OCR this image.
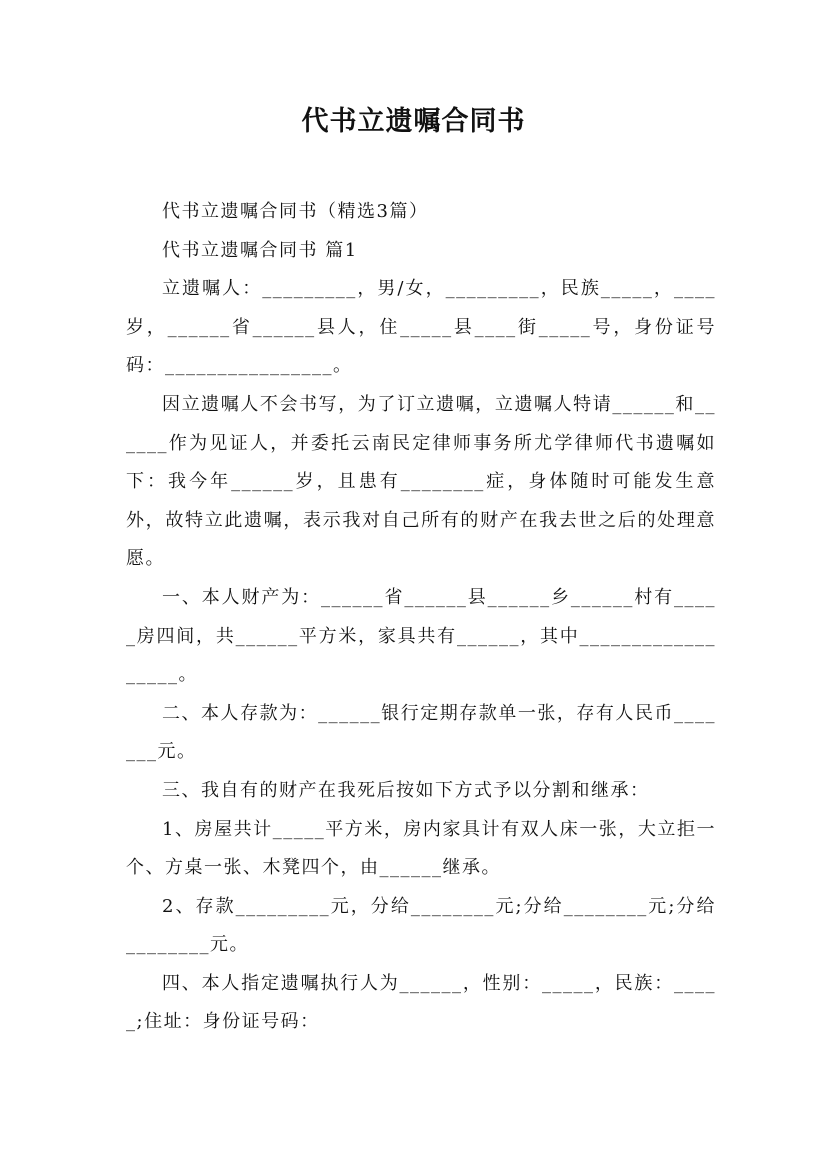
代书立遗嘱合同书

代书立遗嘱合同书（精选3篇）

代书立遗嘱合同书 篇1

立遗嘱人：_________，男/女，_________，民族_____，____岁，______省______县人，住_____县____街_____号，身份证号码：________________。

因立遗嘱人不会书写，为了订立遗嘱，立遗嘱人特请______和______作为见证人，并委托云南民定律师事务所尤学律师代书遗嘱如下：我今年______岁，且患有________症，身体随时可能发生意外，故特立此遗嘱，表示我对自己所有的财产在我去世之后的处理意愿。

一、本人财产为：______省______县______乡______村有_____房四间，共______平方米，家具共有______，其中__________________。

二、本人存款为：______银行定期存款单一张，存有人民币_______元。

三、我自有的财产在我死后按如下方式予以分割和继承：

1、房屋共计_____平方米，房内家具计有双人床一张，大立拒一个、方桌一张、木凳四个，由______继承。

2、存款_________元，分给________元;分给________元;分给________元。

四、本人指定遗嘱执行人为______，性别：_____，民族：_____;住址：身份证号码：
